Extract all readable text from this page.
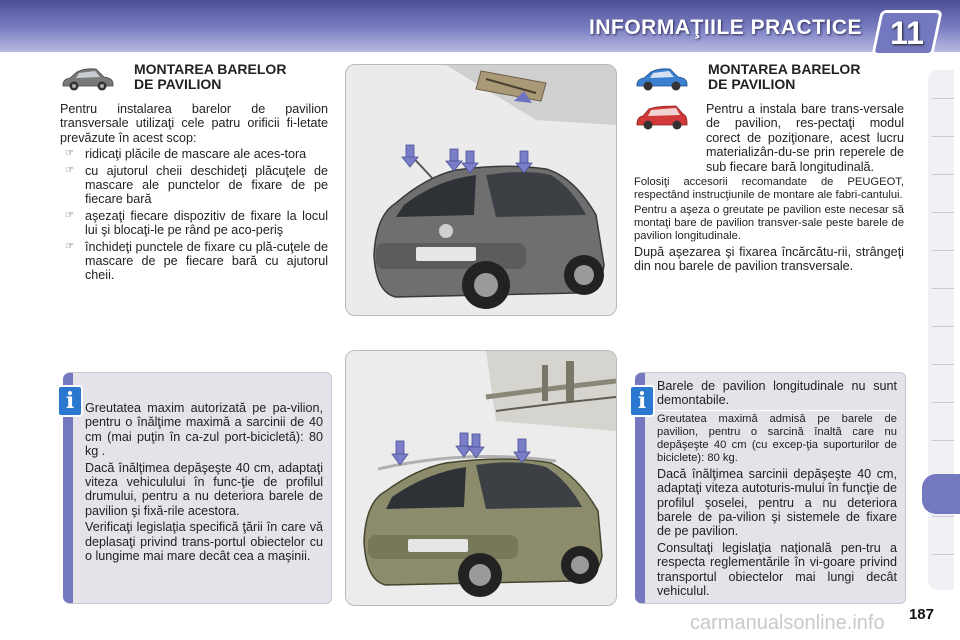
INFORMAŢIILE PRACTICE 11
MONTAREA BARELOR
DE PAVILION

Pentru instalarea barelor de pavilion transversale utilizaţi cele patru orificii fi-letate prevăzute în acest scop:

☞ ridicaţi plăcile de mascare ale aces-tora
☞ cu ajutorul cheii deschideţi plăcuţele de mascare ale punctelor de fixare de pe fiecare bară
☞ aşezaţi fiecare dispozitiv de fixare la locul lui şi blocaţi-le pe rând pe aco-periş
☞ închideţi punctele de fixare cu plă-cuţele de mascare de pe fiecare bară cu ajutorul cheii.
i Greutatea maxim autorizată pe pa-vilion, pentru o înălţime maximă a sarcinii de 40 cm (mai puţin în ca-zul port-bicicletă): 80 kg .

Dacă înălţimea depăşeşte 40 cm, adaptaţi viteza vehiculului în func-ţie de profilul drumului, pentru a nu deteriora barele de pavilion şi fixă-rile acestora.

Verificaţi legislaţia specifică ţării în care vă deplasaţi privind trans-portul obiectelor cu o lungime mai mare decât cea a maşinii.

MONTAREA BARELOR
DE PAVILION

Pentru a instala bare trans-versale de pavilion, res-pectaţi modul corect de poziţionare, acest lucru materializân-du-se prin reperele de sub fiecare bară longitudinală.

Folosiţi accesorii recomandate de PEUGEOT, respectând instrucţiunile de montare ale fabri-cantului.

Pentru a aşeza o greutate pe pavilion este necesar să montaţi bare de pavilion transver-sale peste barele de pavilion longitudinale.

După aşezarea şi fixarea încărcătu-rii, strângeţi din nou barele de pavilion transversale.

i

Barele de pavilion longitudinale nu sunt demontabile.

Greutatea maximă admisă pe barele de pavilion, pentru o sarcină înaltă care nu depăşeşte 40 cm (cu excep-ţia suporturilor de biciclete): 80 kg.

Dacă înălţimea sarcinii depăşeşte 40 cm, adaptaţi viteza autoturis-mului în funcţie de profilul şoselei, pentru a nu deteriora barele de pa-vilion şi sistemele de fixare de pe pavilion.

Consultaţi legislaţia naţională pen-tru a respecta reglementările în vi-goare privind transportul obiectelor mai lungi decât vehiculul.

187
carmanualsonline.info
